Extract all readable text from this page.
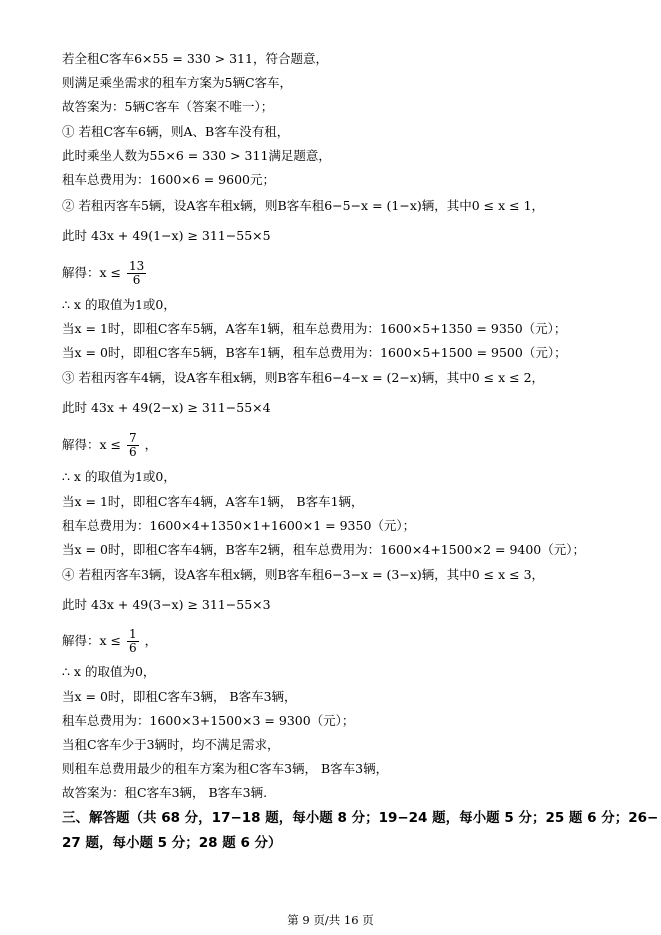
若全租C客车6×55 = 330 > 311，符合题意，
则满足乘坐需求的租车方案为5辆C客车，
故答案为：5辆C客车（答案不唯一）；
① 若租C客车6辆，则A、B客车没有租，
此时乘坐人数为55×6 = 330 > 311满足题意，
租车总费用为：1600×6 = 9600元；
② 若租丙客车5辆，设A客车租x辆，则B客车租6−5−x = (1−x)辆，其中0 ≤ x ≤ 1，
此时 43x + 49(1−x) ≥ 311−55×5
解得：$x \le \frac{13}{6}$
∴ x 的取值为1或0，
当x = 1时，即租C客车5辆，A客车1辆，租车总费用为：1600×5+1350 = 9350（元）；
当x = 0时，即租C客车5辆，B客车1辆，租车总费用为：1600×5+1500 = 9500（元）；
③ 若租丙客车4辆，设A客车租x辆，则B客车租6−4−x = (2−x)辆，其中0 ≤ x ≤ 2，
此时 43x + 49(2−x) ≥ 311−55×4
解得：$x \le \frac{7}{6}$ ，
∴ x 的取值为1或0，
当x = 1时，即租C客车4辆，A客车1辆， B客车1辆，
租车总费用为：1600×4+1350×1+1600×1 = 9350（元）；
当x = 0时，即租C客车4辆，B客车2辆，租车总费用为：1600×4+1500×2 = 9400（元）；
④ 若租丙客车3辆，设A客车租x辆，则B客车租6−3−x = (3−x)辆，其中0 ≤ x ≤ 3，
此时 43x + 49(3−x) ≥ 311−55×3
解得：$x \le \frac{1}{6}$ ，
∴ x 的取值为0，
当x = 0时，即租C客车3辆， B客车3辆，
租车总费用为：1600×3+1500×3 = 9300（元）；
当租C客车少于3辆时，均不满足需求，
则租车总费用最少的租车方案为租C客车3辆， B客车3辆，
故答案为：租C客车3辆， B客车3辆.
三、解答题（共 68 分，17−18 题，每小题 8 分；19−24 题，每小题 5 分；25 题 6 分；26−
27 题，每小题 5 分；28 题 6 分）
第 9 页/共 16 页
